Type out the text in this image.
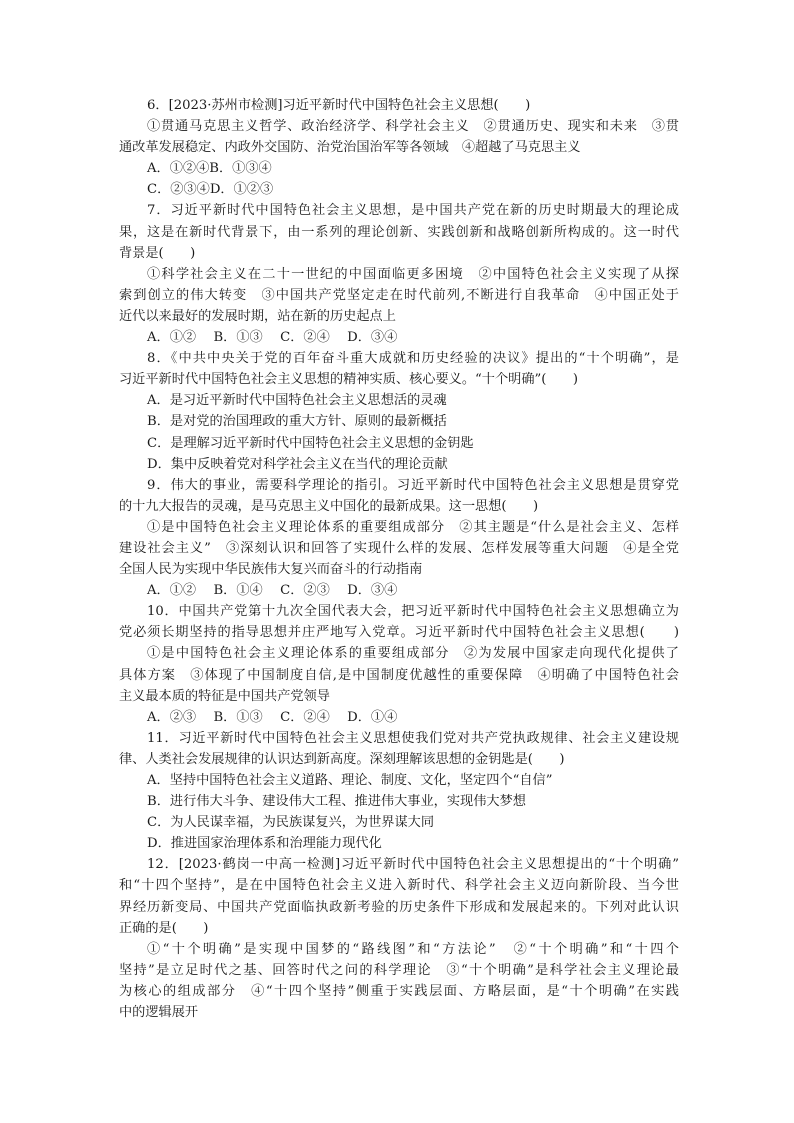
6．[2023·苏州市检测]习近平新时代中国特色社会主义思想(　　)
①贯通马克思主义哲学、政治经济学、科学社会主义　②贯通历史、现实和未来　③贯
通改革发展稳定、内政外交国防、治党治国治军等各领域　④超越了马克思主义
A．①②④B．①③④
C．②③④D．①②③
7．习近平新时代中国特色社会主义思想，是中国共产党在新的历史时期最大的理论成
果，这是在新时代背景下，由一系列的理论创新、实践创新和战略创新所构成的。这一时代
背景是(　　)
①科学社会主义在二十一世纪的中国面临更多困境　②中国特色社会主义实现了从探
索到创立的伟大转变　③中国共产党坚定走在时代前列,不断进行自我革命　④中国正处于
近代以来最好的发展时期，站在新的历史起点上
A．①②　 B．①③　 C．②④　 D．③④
8．《中共中央关于党的百年奋斗重大成就和历史经验的决议》提出的“十个明确”，是
习近平新时代中国特色社会主义思想的精神实质、核心要义。“十个明确”(　　)
A．是习近平新时代中国特色社会主义思想活的灵魂
B．是对党的治国理政的重大方针、原则的最新概括
C．是理解习近平新时代中国特色社会主义思想的金钥匙
D．集中反映着党对科学社会主义在当代的理论贡献
9．伟大的事业，需要科学理论的指引。习近平新时代中国特色社会主义思想是贯穿党
的十九大报告的灵魂，是马克思主义中国化的最新成果。这一思想(　　)
①是中国特色社会主义理论体系的重要组成部分　②其主题是“什么是社会主义、怎样
建设社会主义”　③深刻认识和回答了实现什么样的发展、怎样发展等重大问题　④是全党
全国人民为实现中华民族伟大复兴而奋斗的行动指南
A．①②　 B．①④　 C．②③　 D．③④
10．中国共产党第十九次全国代表大会，把习近平新时代中国特色社会主义思想确立为
党必须长期坚持的指导思想并庄严地写入党章。习近平新时代中国特色社会主义思想(　　)
①是中国特色社会主义理论体系的重要组成部分　②为发展中国家走向现代化提供了
具体方案　③体现了中国制度自信,是中国制度优越性的重要保障　④明确了中国特色社会
主义最本质的特征是中国共产党领导
A．②③　 B．①③　 C．②④　 D．①④
11．习近平新时代中国特色社会主义思想使我们党对共产党执政规律、社会主义建设规
律、人类社会发展规律的认识达到新高度。深刻理解该思想的金钥匙是(　　)
A．坚持中国特色社会主义道路、理论、制度、文化，坚定四个“自信”
B．进行伟大斗争、建设伟大工程、推进伟大事业，实现伟大梦想
C．为人民谋幸福，为民族谋复兴，为世界谋大同
D．推进国家治理体系和治理能力现代化
12．[2023·鹤岗一中高一检测]习近平新时代中国特色社会主义思想提出的“十个明确”
和“十四个坚持”，是在中国特色社会主义进入新时代、科学社会主义迈向新阶段、当今世
界经历新变局、中国共产党面临执政新考验的历史条件下形成和发展起来的。下列对此认识
正确的是(　　)
①“十个明确”是实现中国梦的“路线图”和“方法论”　②“十个明确”和“十四个
坚持”是立足时代之基、回答时代之问的科学理论　③“十个明确”是科学社会主义理论最
为核心的组成部分　④“十四个坚持”侧重于实践层面、方略层面，是“十个明确”在实践
中的逻辑展开
